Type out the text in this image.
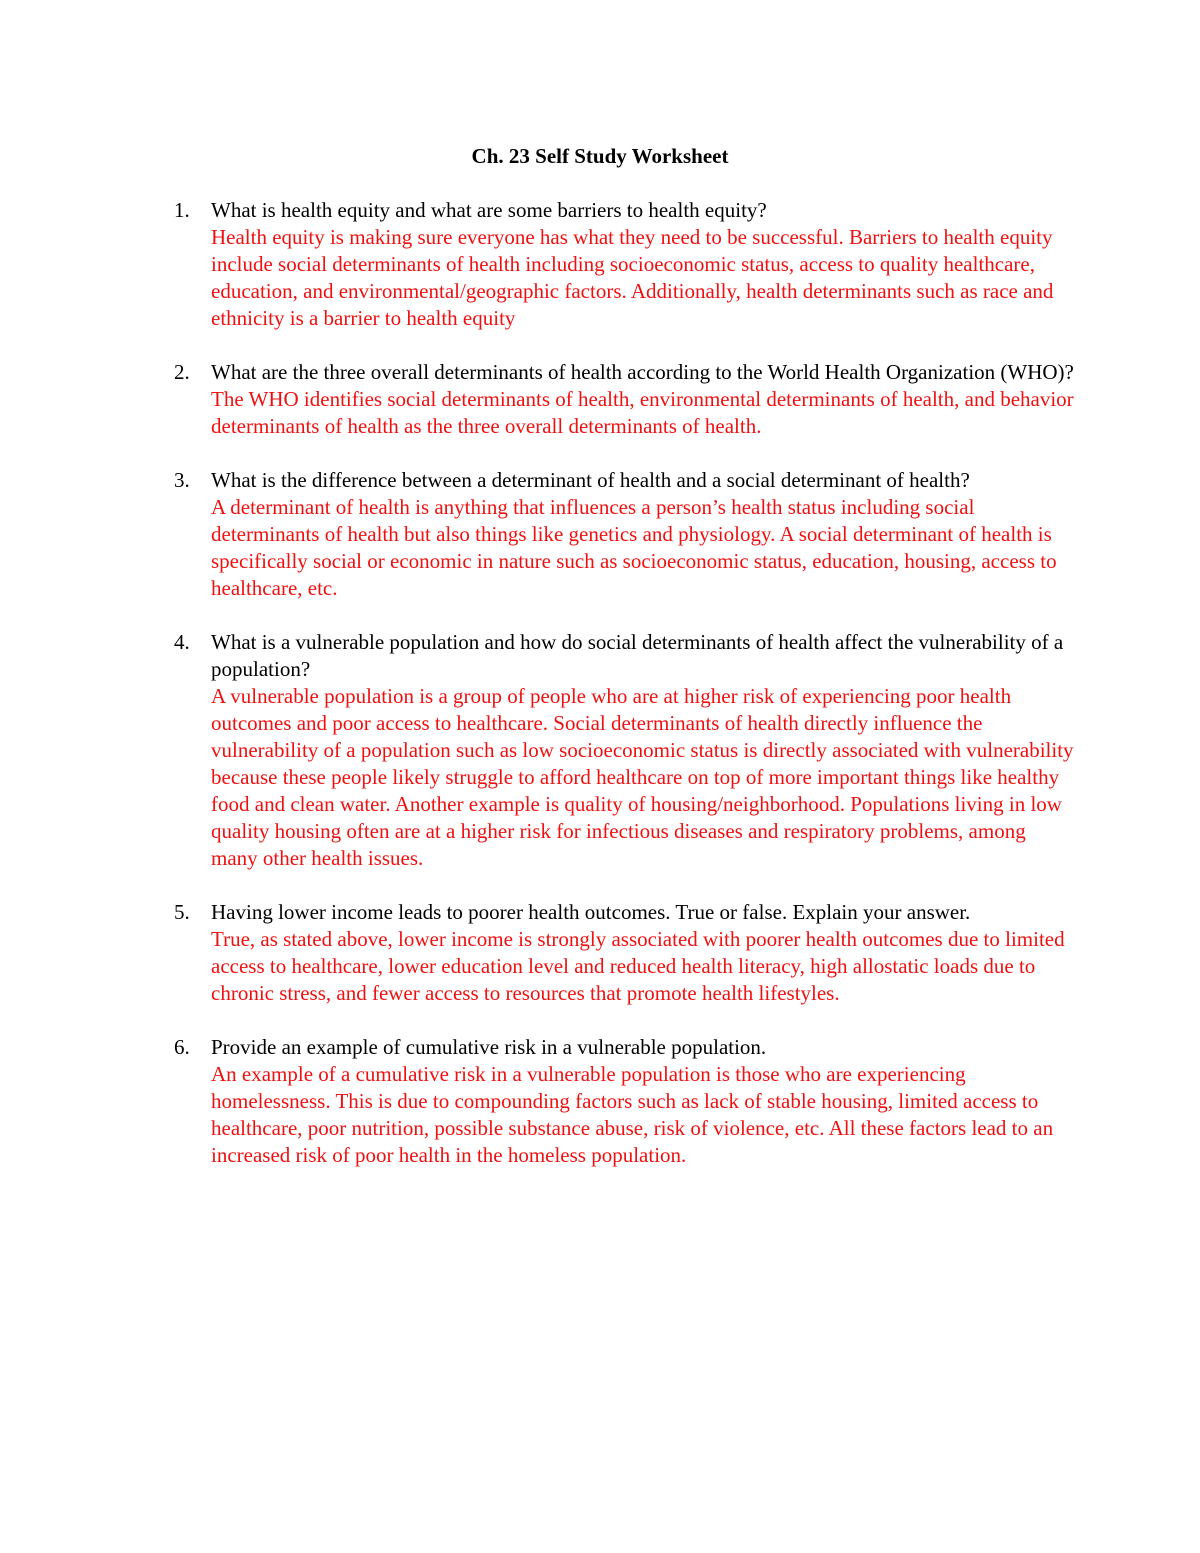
Ch. 23 Self Study Worksheet
1.	What is health equity and what are some barriers to health equity?
Health equity is making sure everyone has what they need to be successful. Barriers to health equity include social determinants of health including socioeconomic status, access to quality healthcare, education, and environmental/geographic factors. Additionally, health determinants such as race and ethnicity is a barrier to health equity
2.	What are the three overall determinants of health according to the World Health Organization (WHO)?
The WHO identifies social determinants of health, environmental determinants of health, and behavior determinants of health as the three overall determinants of health.
3.	What is the difference between a determinant of health and a social determinant of health?
A determinant of health is anything that influences a person’s health status including social determinants of health but also things like genetics and physiology. A social determinant of health is specifically social or economic in nature such as socioeconomic status, education, housing, access to healthcare, etc.
4.	What is a vulnerable population and how do social determinants of health affect the vulnerability of a population?
A vulnerable population is a group of people who are at higher risk of experiencing poor health outcomes and poor access to healthcare. Social determinants of health directly influence the vulnerability of a population such as low socioeconomic status is directly associated with vulnerability because these people likely struggle to afford healthcare on top of more important things like healthy food and clean water. Another example is quality of housing/neighborhood. Populations living in low quality housing often are at a higher risk for infectious diseases and respiratory problems, among many other health issues.
5.	Having lower income leads to poorer health outcomes. True or false. Explain your answer.
True, as stated above, lower income is strongly associated with poorer health outcomes due to limited access to healthcare, lower education level and reduced health literacy, high allostatic loads due to chronic stress, and fewer access to resources that promote health lifestyles.
6.	Provide an example of cumulative risk in a vulnerable population.
An example of a cumulative risk in a vulnerable population is those who are experiencing homelessness. This is due to compounding factors such as lack of stable housing, limited access to healthcare, poor nutrition, possible substance abuse, risk of violence, etc. All these factors lead to an increased risk of poor health in the homeless population.
